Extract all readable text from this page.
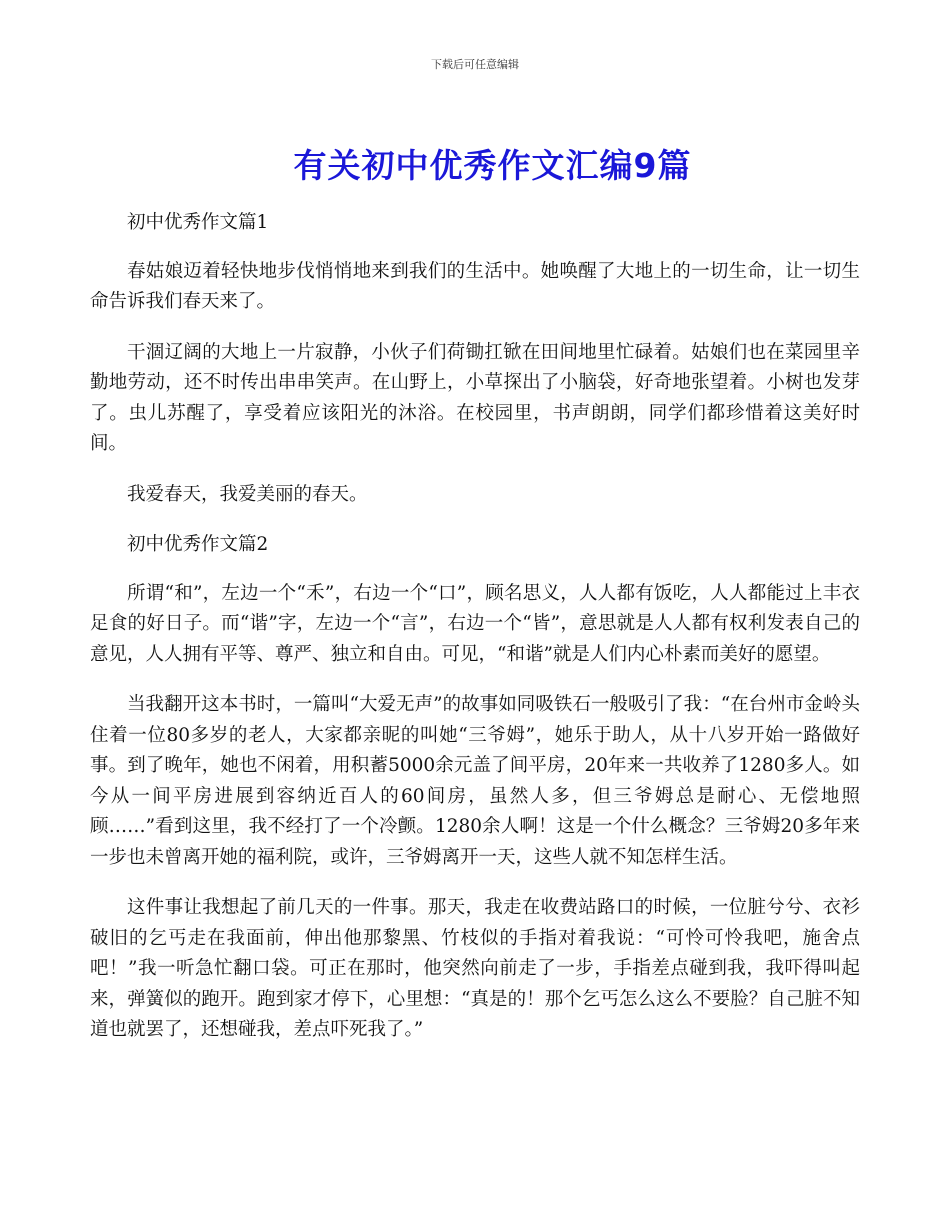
下载后可任意编辑
有关初中优秀作文汇编9篇

初中优秀作文篇1

春姑娘迈着轻快地步伐悄悄地来到我们的生活中。她唤醒了大地上的一切生命，让一切生命告诉我们春天来了。

干涸辽阔的大地上一片寂静，小伙子们荷锄扛锨在田间地里忙碌着。姑娘们也在菜园里辛勤地劳动，还不时传出串串笑声。在山野上，小草探出了小脑袋，好奇地张望着。小树也发芽了。虫儿苏醒了，享受着应该阳光的沐浴。在校园里，书声朗朗，同学们都珍惜着这美好时间。

我爱春天，我爱美丽的春天。

初中优秀作文篇2

所谓“和”，左边一个“禾”，右边一个“口”，顾名思义，人人都有饭吃，人人都能过上丰衣足食的好日子。而“谐”字，左边一个“言”，右边一个“皆”，意思就是人人都有权利发表自己的意见，人人拥有平等、尊严、独立和自由。可见，“和谐”就是人们内心朴素而美好的愿望。

当我翻开这本书时，一篇叫“大爱无声”的故事如同吸铁石一般吸引了我：“在台州市金岭头住着一位80多岁的老人，大家都亲昵的叫她“三爷姆”，她乐于助人，从十八岁开始一路做好事。到了晚年，她也不闲着，用积蓄5000余元盖了间平房，20年来一共收养了1280多人。如今从一间平房进展到容纳近百人的60间房，虽然人多，但三爷姆总是耐心、无偿地照顾……”看到这里，我不经打了一个冷颤。1280余人啊！这是一个什么概念？三爷姆20多年来一步也未曾离开她的福利院，或许，三爷姆离开一天，这些人就不知怎样生活。

这件事让我想起了前几天的一件事。那天，我走在收费站路口的时候，一位脏兮兮、衣衫破旧的乞丐走在我面前，伸出他那黎黑、竹枝似的手指对着我说：“可怜可怜我吧，施舍点吧！”我一听急忙翻口袋。可正在那时，他突然向前走了一步，手指差点碰到我，我吓得叫起来，弹簧似的跑开。跑到家才停下，心里想：“真是的！那个乞丐怎么这么不要脸？自己脏不知道也就罢了，还想碰我，差点吓死我了。”
